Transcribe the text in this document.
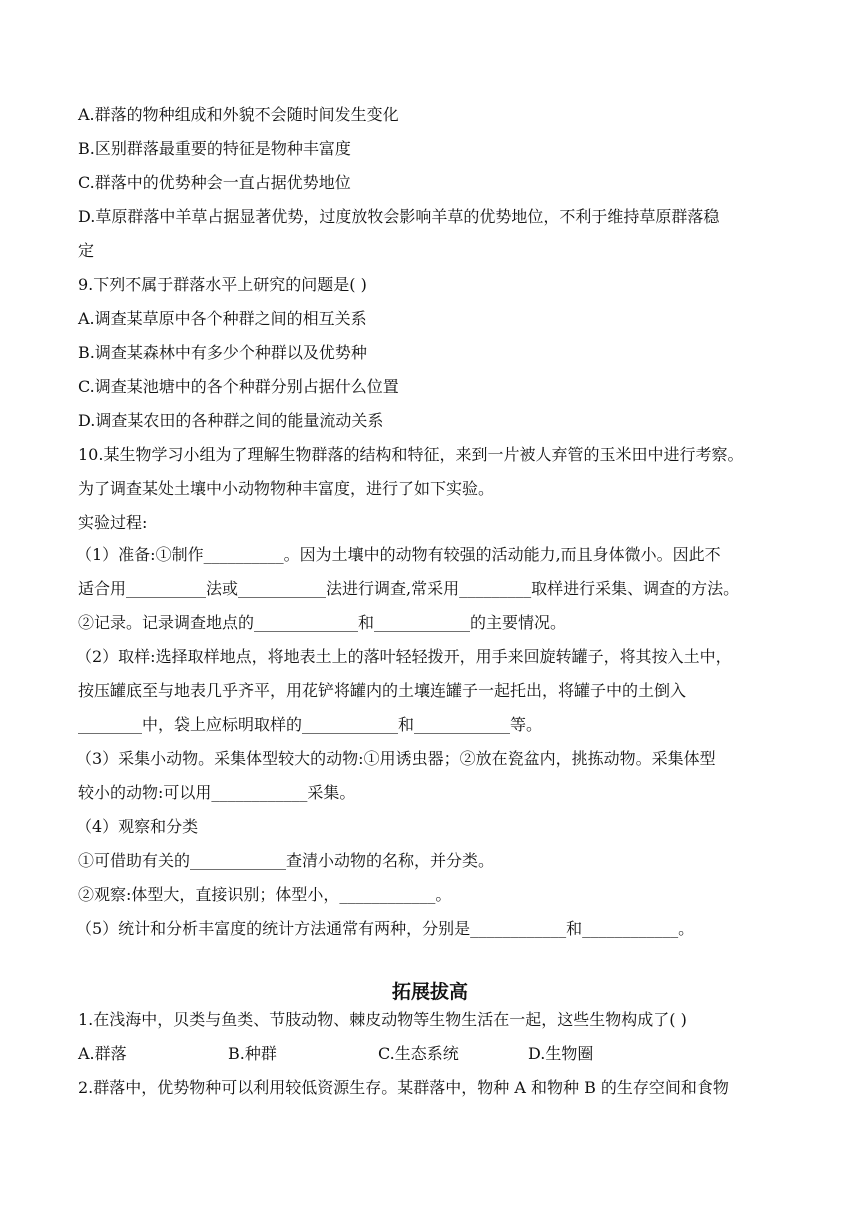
A.群落的物种组成和外貌不会随时间发生变化
B.区别群落最重要的特征是物种丰富度
C.群落中的优势种会一直占据优势地位
D.草原群落中羊草占据显著优势，过度放牧会影响羊草的优势地位，不利于维持草原群落稳
定
9.下列不属于群落水平上研究的问题是( )
A.调查某草原中各个种群之间的相互关系
B.调查某森林中有多少个种群以及优势种
C.调查某池塘中的各个种群分别占据什么位置
D.调查某农田的各种群之间的能量流动关系
10.某生物学习小组为了理解生物群落的结构和特征，来到一片被人弃管的玉米田中进行考察。
为了调查某处土壤中小动物物种丰富度，进行了如下实验。
实验过程:
（1）准备:①制作__________。因为土壤中的动物有较强的活动能力,而且身体微小。因此不
适合用__________法或___________法进行调查,常采用_________取样进行采集、调查的方法。
②记录。记录调查地点的_____________和____________的主要情况。
（2）取样:选择取样地点，将地表土上的落叶轻轻拨开，用手来回旋转罐子，将其按入土中，
按压罐底至与地表几乎齐平，用花铲将罐内的土壤连罐子一起托出，将罐子中的土倒入
________中，袋上应标明取样的____________和____________等。
（3）采集小动物。采集体型较大的动物:①用诱虫器；②放在瓷盆内，挑拣动物。采集体型
较小的动物:可以用____________采集。
（4）观察和分类
①可借助有关的____________查清小动物的名称，并分类。
②观察:体型大，直接识别；体型小，____________。
（5）统计和分析丰富度的统计方法通常有两种，分别是____________和____________。
拓展拔高
1.在浅海中，贝类与鱼类、节肢动物、棘皮动物等生物生活在一起，这些生物构成了( )
A.群落	B.种群	C.生态系统	D.生物圈
2.群落中，优势物种可以利用较低资源生存。某群落中，物种 A 和物种 B 的生存空间和食物
